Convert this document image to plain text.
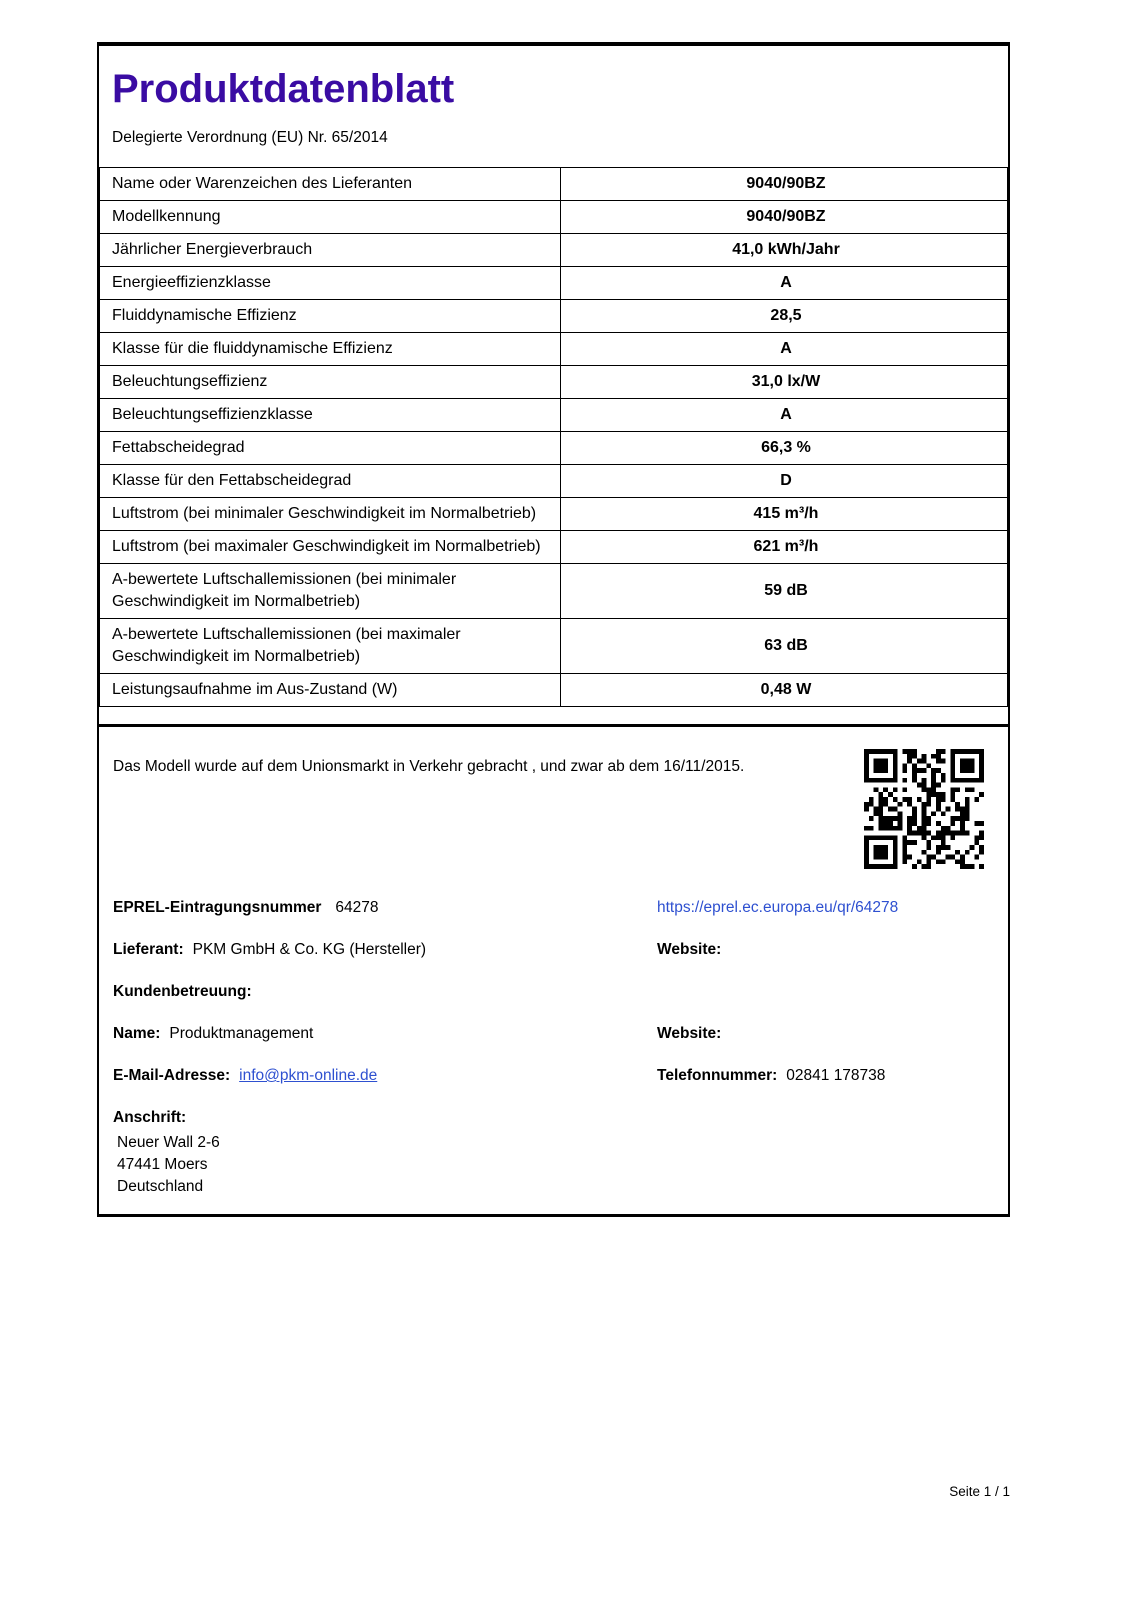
Produktdatenblatt
Delegierte Verordnung (EU) Nr. 65/2014
Name oder Warenzeichen des Lieferanten	9040/90BZ
Modellkennung	9040/90BZ
Jährlicher Energieverbrauch	41,0 kWh/Jahr
Energieeffizienzklasse	A
Fluiddynamische Effizienz	28,5
Klasse für die fluiddynamische Effizienz	A
Beleuchtungseffizienz	31,0 lx/W
Beleuchtungseffizienzklasse	A
Fettabscheidegrad	66,3 %
Klasse für den Fettabscheidegrad	D
Luftstrom (bei minimaler Geschwindigkeit im Normalbetrieb)	415 m³/h
Luftstrom (bei maximaler Geschwindigkeit im Normalbetrieb)	621 m³/h
A-bewertete Luftschallemissionen (bei minimaler Geschwindigkeit im Normalbetrieb)	59 dB
A-bewertete Luftschallemissionen (bei maximaler Geschwindigkeit im Normalbetrieb)	63 dB
Leistungsaufnahme im Aus-Zustand (W)	0,48 W

Das Modell wurde auf dem Unionsmarkt in Verkehr gebracht , und zwar ab dem 16/11/2015.

EPREL-Eintragungsnummer 64278	https://eprel.ec.europa.eu/qr/64278
Lieferant: PKM GmbH & Co. KG (Hersteller)	Website:
Kundenbetreuung:
Name: Produktmanagement	Website:
E-Mail-Adresse: info@pkm-online.de	Telefonnummer: 02841 178738
Anschrift:
Neuer Wall 2-6
47441 Moers
Deutschland
Seite 1 / 1
